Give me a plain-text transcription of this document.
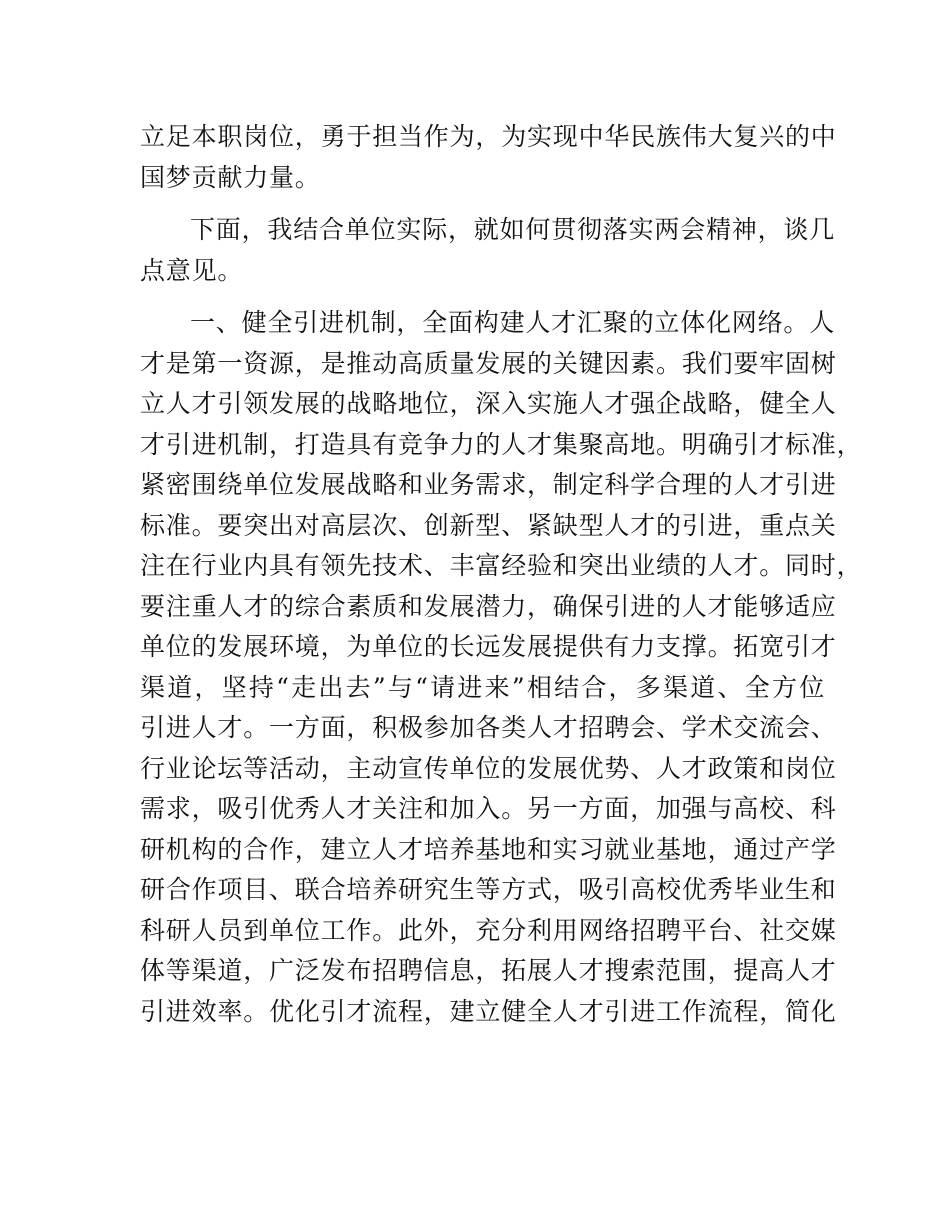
立足本职岗位，勇于担当作为，为实现中华民族伟大复兴的中
国梦贡献力量。
下面，我结合单位实际，就如何贯彻落实两会精神，谈几
点意见。
一、健全引进机制，全面构建人才汇聚的立体化网络。人
才是第一资源，是推动高质量发展的关键因素。我们要牢固树
立人才引领发展的战略地位，深入实施人才强企战略，健全人
才引进机制，打造具有竞争力的人才集聚高地。明确引才标准，
紧密围绕单位发展战略和业务需求，制定科学合理的人才引进
标准。要突出对高层次、创新型、紧缺型人才的引进，重点关
注在行业内具有领先技术、丰富经验和突出业绩的人才。同时，
要注重人才的综合素质和发展潜力，确保引进的人才能够适应
单位的发展环境，为单位的长远发展提供有力支撑。拓宽引才
渠道，坚持“走出去”与“请进来”相结合，多渠道、全方位
引进人才。一方面，积极参加各类人才招聘会、学术交流会、
行业论坛等活动，主动宣传单位的发展优势、人才政策和岗位
需求，吸引优秀人才关注和加入。另一方面，加强与高校、科
研机构的合作，建立人才培养基地和实习就业基地，通过产学
研合作项目、联合培养研究生等方式，吸引高校优秀毕业生和
科研人员到单位工作。此外，充分利用网络招聘平台、社交媒
体等渠道，广泛发布招聘信息，拓展人才搜索范围，提高人才
引进效率。优化引才流程，建立健全人才引进工作流程，简化
